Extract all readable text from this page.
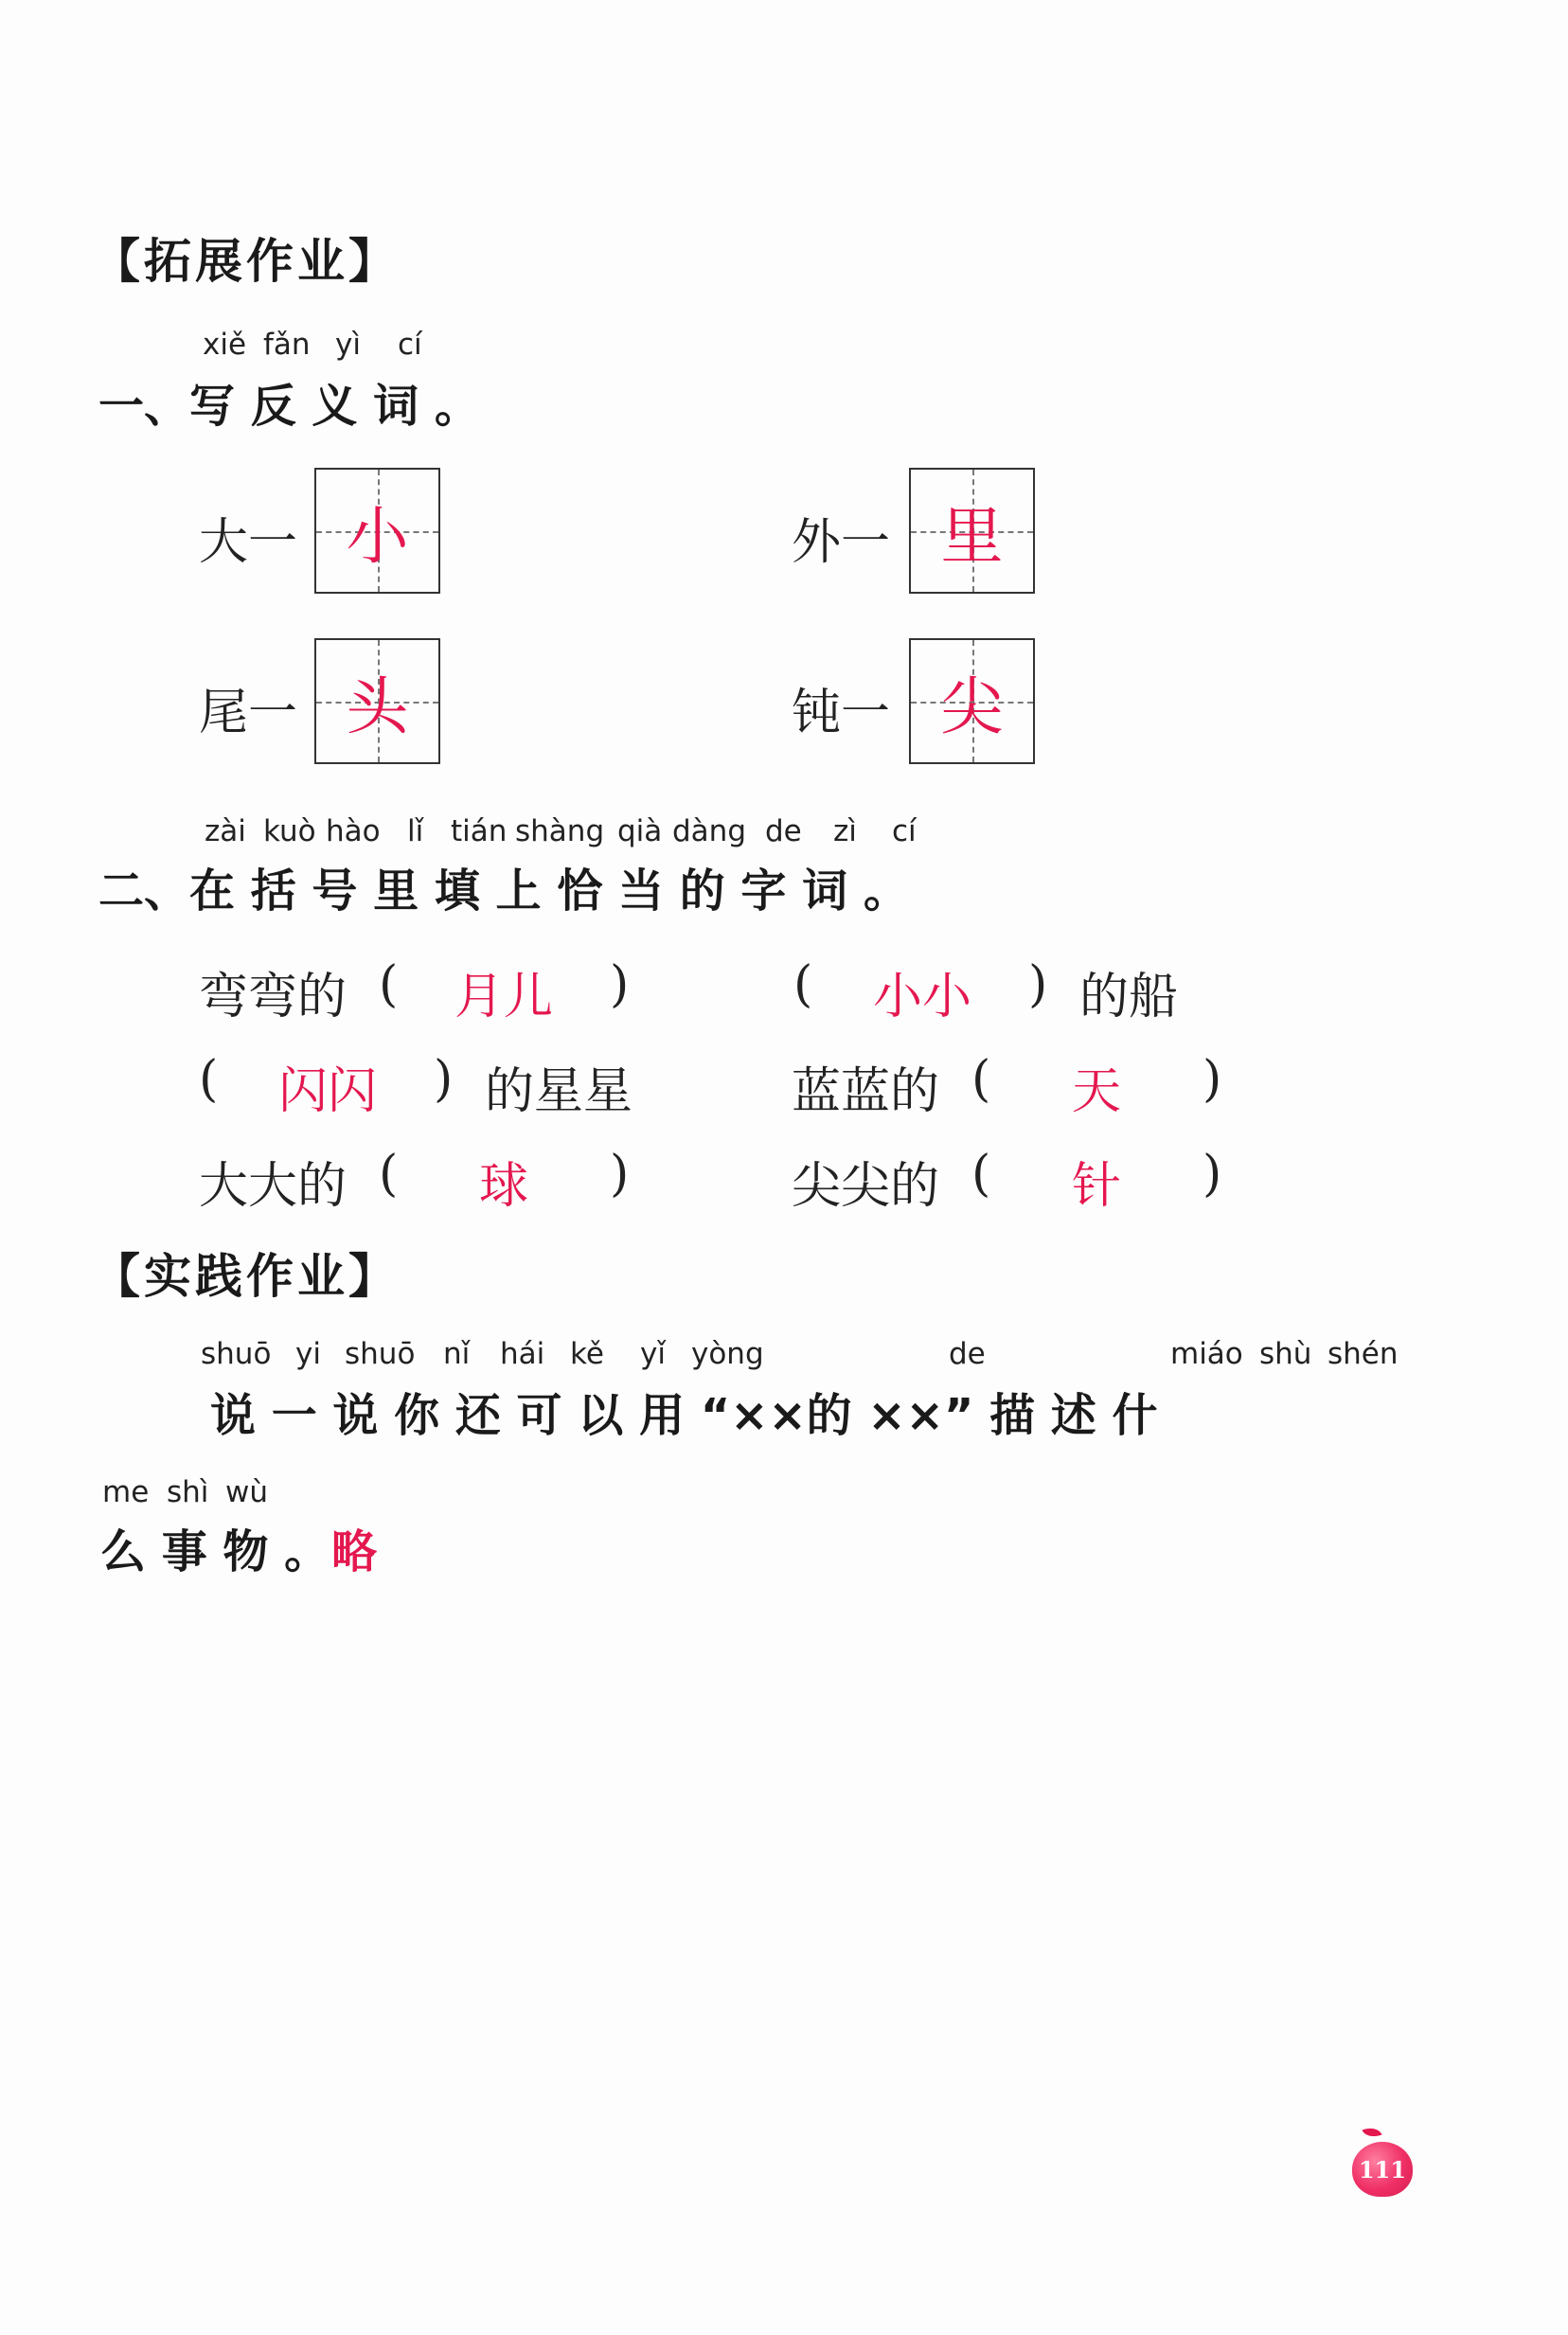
【拓展作业】
xiě fǎn yì cí
一、写 反 义 词 。
大一 小	外一 里
尾一 头	钝一 尖
zài kuò hào lǐ tián shàng qià dàng de zì cí
二、在 括 号 里 填 上 恰 当 的 字 词 。
弯弯的 ( 月儿 )	( 小小 ) 的船
( 闪闪 ) 的星星	蓝蓝的 ( 天 )
大大的 ( 球 )	尖尖的 ( 针 )
【实践作业】
shuō yi shuō nǐ hái kě yǐ yòng	de	miáo shù shén
说 一 说 你 还 可 以 用 “××的 ××” 描 述 什
me shì wù
么 事 物 。 略
111
